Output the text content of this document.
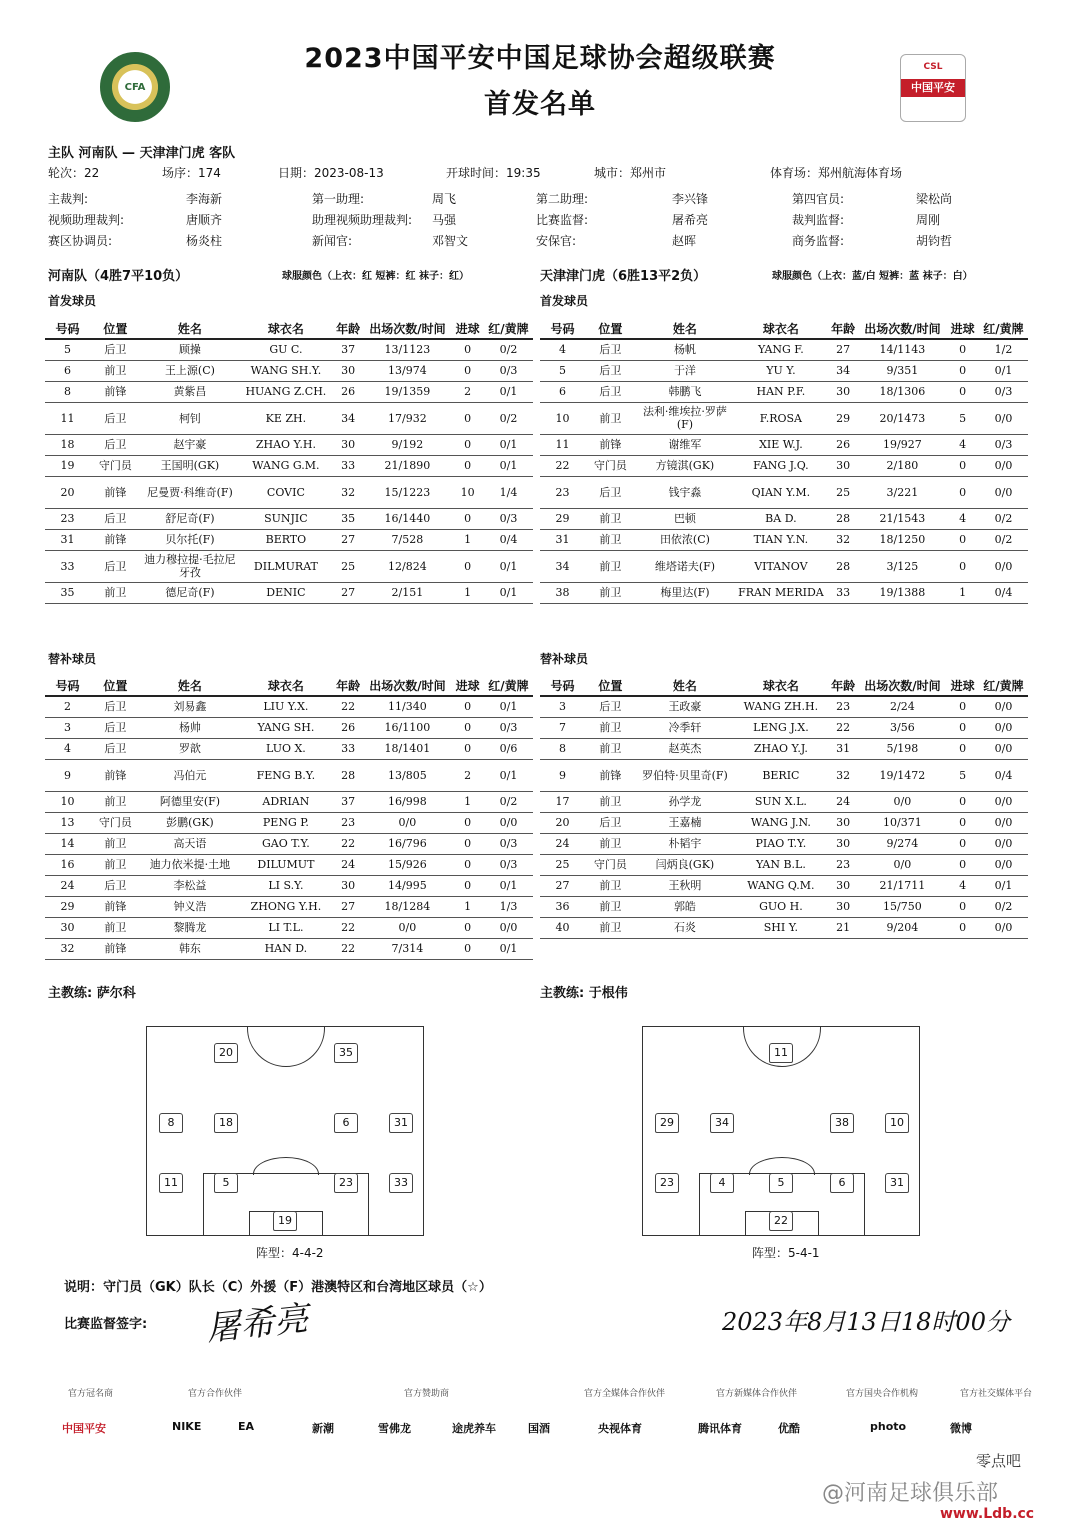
CFA
2023中国平安中国足球协会超级联赛
首发名单
CSL
中国平安
主队 河南队 — 天津津门虎 客队
轮次：22	场序：174	日期：2023-08-13	开球时间：19:35	城市：郑州市	体育场：郑州航海体育场
主裁判:	李海新	第一助理:	周飞	第二助理:	李兴锋	第四官员:	梁松尚
视频助理裁判:	唐顺齐	助理视频助理裁判: 马强	比赛监督:	屠希亮	裁判监督:	周刚
赛区协调员:	杨炎柱	新闻官:	邓智文	安保官:	赵晖	商务监督:	胡钧哲
河南队（4胜7平10负）	球服颜色（上衣：红 短裤：红 袜子：红）	天津津门虎（6胜13平2负）	球服颜色（上衣：蓝/白 短裤：蓝 袜子：白）
首发球员	首发球员
替补球员	替补球员
号码	位置	姓名	球衣名	年龄	出场次数/时间	进球	红/黄牌
5	后卫	顾操	GU C.	37	13/1123	0	0/2
6	前卫	王上源(C)	WANG SH.Y.	30	13/974	0	0/3
8	前锋	黄紫昌	HUANG Z.CH.	26	19/1359	2	0/1
11	后卫	柯钊	KE ZH.	34	17/932	0	0/2
18	后卫	赵宇豪	ZHAO Y.H.	30	9/192	0	0/1
19	守门员	王国明(GK)	WANG G.M.	33	21/1890	0	0/1
20	前锋	尼曼贾·科维奇(F)	COVIC	32	15/1223	10	1/4
23	后卫	舒尼奇(F)	SUNJIC	35	16/1440	0	0/3
31	前锋	贝尔托(F)	BERTO	27	7/528	1	0/4
33	后卫	迪力穆拉提·毛拉尼牙孜	DILMURAT	25	12/824	0	0/1
35	前卫	德尼奇(F)	DENIC	27	2/151	1	0/1
号码	位置	姓名	球衣名	年龄	出场次数/时间	进球	红/黄牌
4	后卫	杨帆	YANG F.	27	14/1143	0	1/2
5	后卫	于洋	YU Y.	34	9/351	0	0/1
6	后卫	韩鹏飞	HAN P.F.	30	18/1306	0	0/3
10	前卫	法利·维埃拉·罗萨(F)	F.ROSA	29	20/1473	5	0/0
11	前锋	谢维军	XIE W.J.	26	19/927	4	0/3
22	守门员	方镜淇(GK)	FANG J.Q.	30	2/180	0	0/0
23	后卫	钱宇淼	QIAN Y.M.	25	3/221	0	0/0
29	前卫	巴顿	BA D.	28	21/1543	4	0/2
31	前卫	田依浓(C)	TIAN Y.N.	32	18/1250	0	0/2
34	前卫	维塔诺夫(F)	VITANOV	28	3/125	0	0/0
38	前卫	梅里达(F)	FRAN MERIDA	33	19/1388	1	0/4
号码	位置	姓名	球衣名	年龄	出场次数/时间	进球	红/黄牌
2	后卫	刘易鑫	LIU Y.X.	22	11/340	0	0/1
3	后卫	杨帅	YANG SH.	26	16/1100	0	0/3
4	后卫	罗歆	LUO X.	33	18/1401	0	0/6
9	前锋	冯伯元	FENG B.Y.	28	13/805	2	0/1
10	前卫	阿德里安(F)	ADRIAN	37	16/998	1	0/2
13	守门员	彭鹏(GK)	PENG P.	23	0/0	0	0/0
14	前卫	高天语	GAO T.Y.	22	16/796	0	0/3
16	前卫	迪力依米提·土地	DILUMUT	24	15/926	0	0/3
24	后卫	李松益	LI S.Y.	30	14/995	0	0/1
29	前锋	钟义浩	ZHONG Y.H.	27	18/1284	1	1/3
30	前卫	黎腾龙	LI T.L.	22	0/0	0	0/0
32	前锋	韩东	HAN D.	22	7/314	0	0/1
号码	位置	姓名	球衣名	年龄	出场次数/时间	进球	红/黄牌
3	后卫	王政豪	WANG ZH.H.	23	2/24	0	0/0
7	前卫	冷季轩	LENG J.X.	22	3/56	0	0/0
8	前卫	赵英杰	ZHAO Y.J.	31	5/198	0	0/0
9	前锋	罗伯特·贝里奇(F)	BERIC	32	19/1472	5	0/4
17	前卫	孙学龙	SUN X.L.	24	0/0	0	0/0
20	后卫	王嘉楠	WANG J.N.	30	10/371	0	0/0
24	前卫	朴韬宇	PIAO T.Y.	30	9/274	0	0/0
25	守门员	闫炳良(GK)	YAN B.L.	23	0/0	0	0/0
27	前卫	王秋明	WANG Q.M.	30	21/1711	4	0/1
36	前卫	郭皓	GUO H.	30	15/750	0	0/2
40	前卫	石炎	SHI Y.	21	9/204	0	0/0
主教练: 萨尔科	主教练: 于根伟
20	35
8	18	6	31
11	5	23	33
19
11
29	34	38	10
23	4	5	6	31
22
阵型：4-4-2	阵型：5-4-1
说明：守门员（GK）队长（C）外援（F）港澳特区和台湾地区球员（☆）
比赛监督签字: 屠希亮	2023年8月13日18时00分
官方冠名商	官方合作伙伴	官方赞助商	官方全媒体合作伙伴	官方新媒体合作伙伴	官方国央合作机构	官方社交媒体平台
中国平安	NIKE	EA	新潮	雪佛龙	途虎养车	国酒	央视体育	腾讯体育	优酷	photo	微博
零点吧
@河南足球俱乐部
www.Ldb.cc
